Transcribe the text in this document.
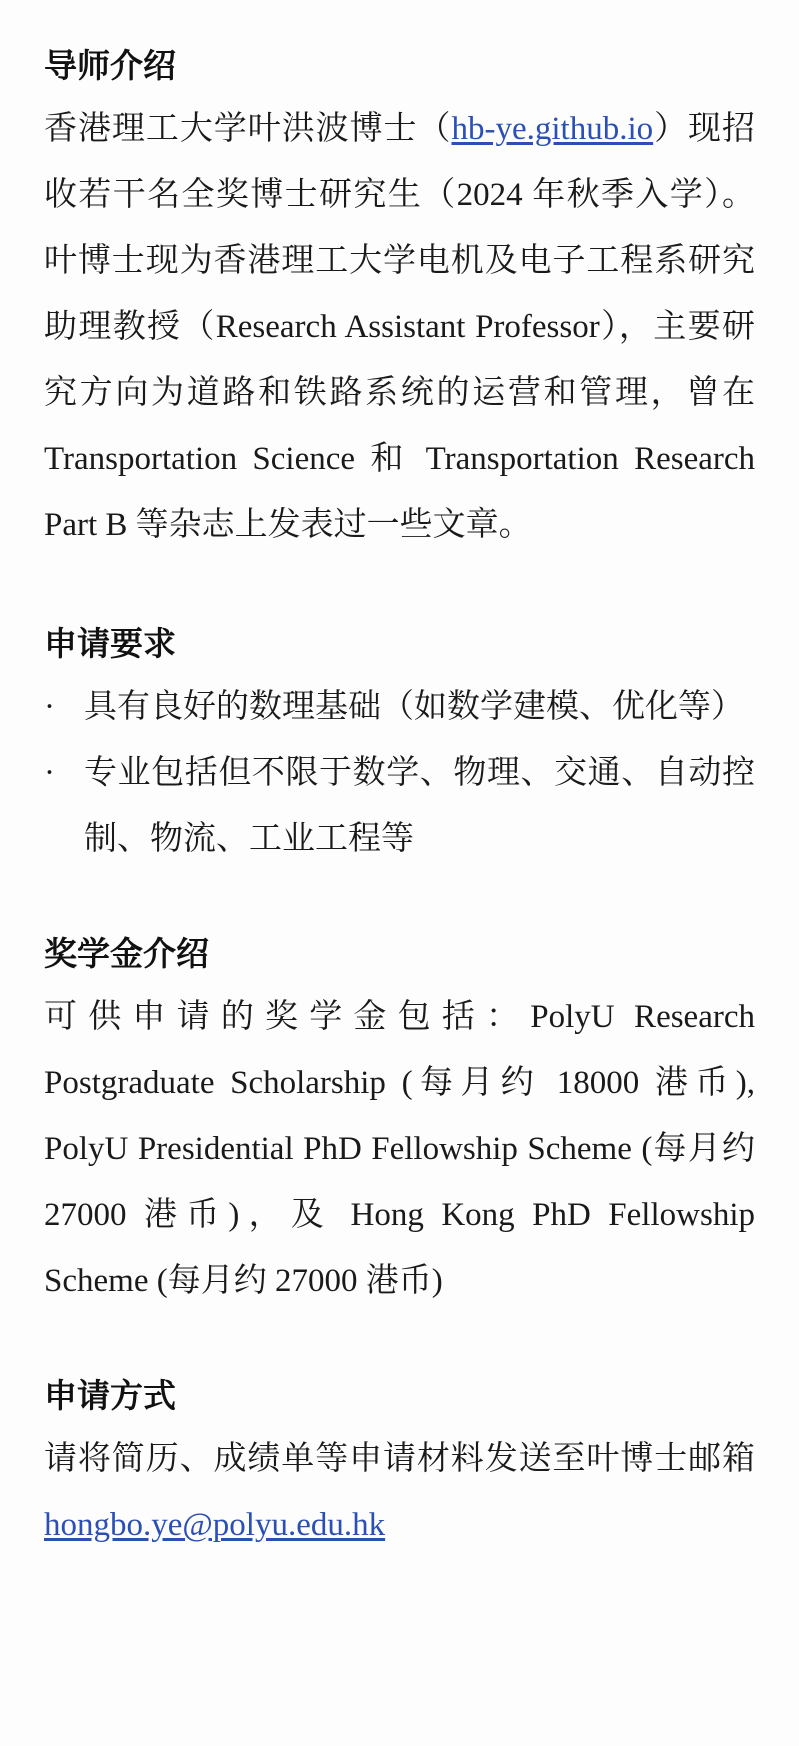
导师介绍

香港理工大学叶洪波博士（hb-ye.github.io）现招收若干名全奖博士研究生（2024 年秋季入学）。叶博士现为香港理工大学电机及电子工程系研究助理教授（Research Assistant Professor），主要研究方向为道路和铁路系统的运营和管理，曾在 Transportation Science 和 Transportation Research Part B 等杂志上发表过一些文章。

申请要求
· 具有良好的数理基础（如数学建模、优化等）
· 专业包括但不限于数学、物理、交通、自动控制、物流、工业工程等
奖学金介绍

可供申请的奖学金包括：PolyU Research Postgraduate Scholarship (每月约 18000 港币), PolyU Presidential PhD Fellowship Scheme (每月约 27000 港币)，及 Hong Kong PhD Fellowship Scheme (每月约 27000 港币)

申请方式

请将简历、成绩单等申请材料发送至叶博士邮箱 hongbo.ye@polyu.edu.hk
